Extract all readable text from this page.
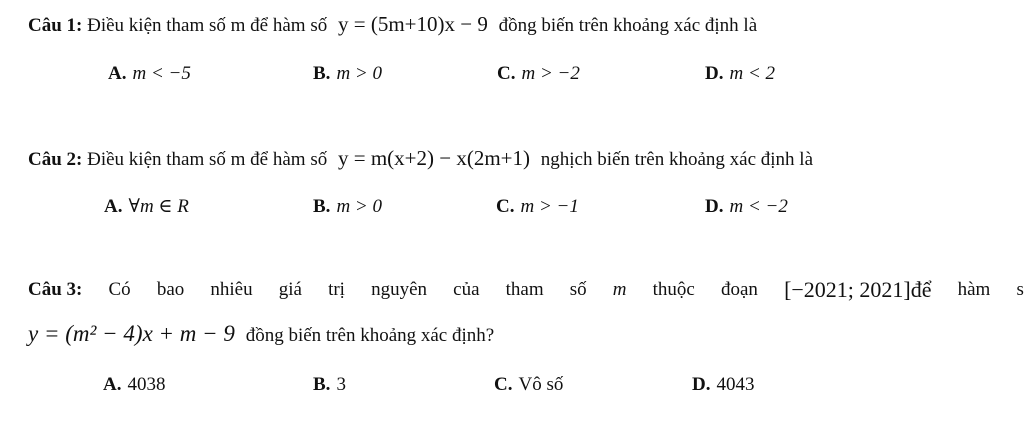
Câu 1: Điều kiện tham số m để hàm số y = (5m+10)x − 9 đồng biến trên khoảng xác định là
A. m < −5	B. m > 0	C. m > −2	D. m < 2
Câu 2: Điều kiện tham số m để hàm số y = m(x+2) − x(2m+1) nghịch biến trên khoảng xác định là
A. ∀m ∈ R	B. m > 0	C. m > −1	D. m < −2
Câu 3: Có bao nhiêu giá trị nguyên của tham số m thuộc đoạn [−2021; 2021]để hàm s
y = (m² − 4)x + m − 9 đồng biến trên khoảng xác định?
A. 4038	B. 3	C. Vô số	D. 4043
